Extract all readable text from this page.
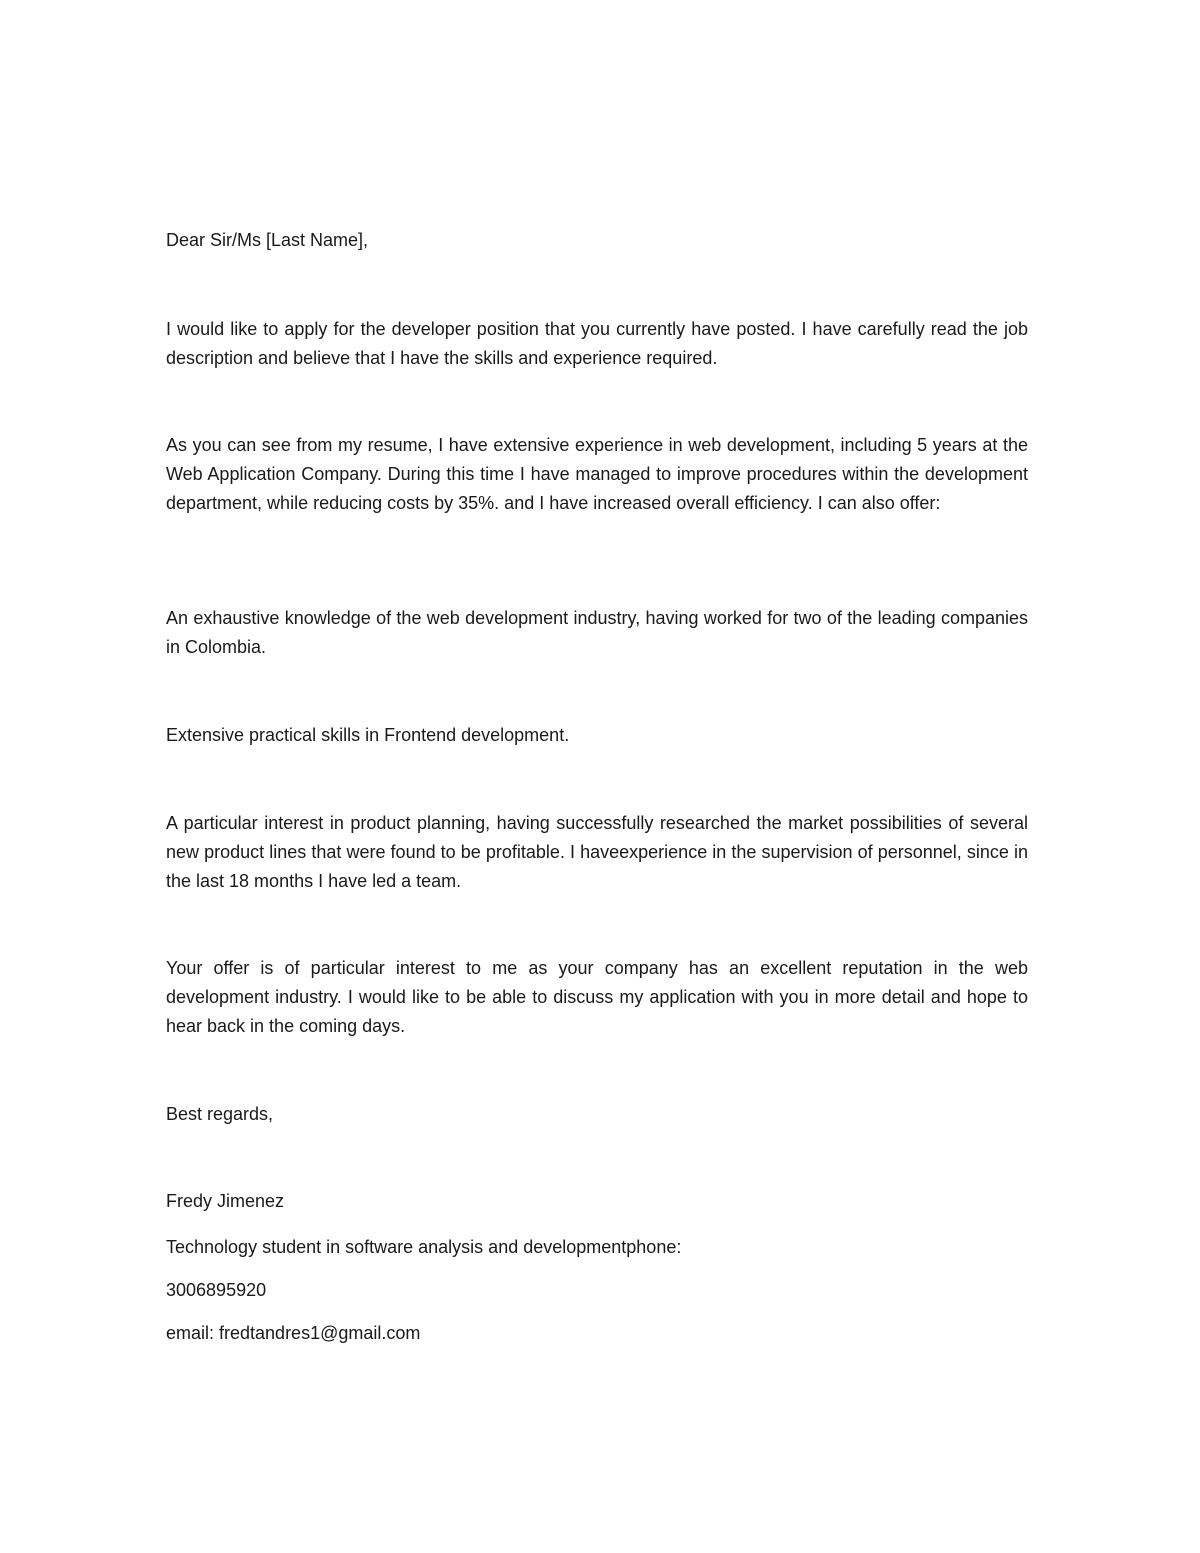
Dear Sir/Ms [Last Name],

I would like to apply for the developer position that you currently have posted. I have carefully read the job description and believe that I have the skills and experience required.

As you can see from my resume, I have extensive experience in web development, including 5 years at the Web Application Company. During this time I have managed to improve procedures within the development department, while reducing costs by 35%. and I have increased overall efficiency. I can also offer:

An exhaustive knowledge of the web development industry, having worked for two of the leading companies in Colombia.

Extensive practical skills in Frontend development.

A particular interest in product planning, having successfully researched the market possibilities of several new product lines that were found to be profitable. I haveexperience in the supervision of personnel, since in the last 18 months I have led a team.

Your offer is of particular interest to me as your company has an excellent reputation in the web development industry. I would like to be able to discuss my application with you in more detail and hope to hear back in the coming days.

Best regards,

Fredy Jimenez

Technology student in software analysis and developmentphone:

3006895920

email: fredtandres1@gmail.com
